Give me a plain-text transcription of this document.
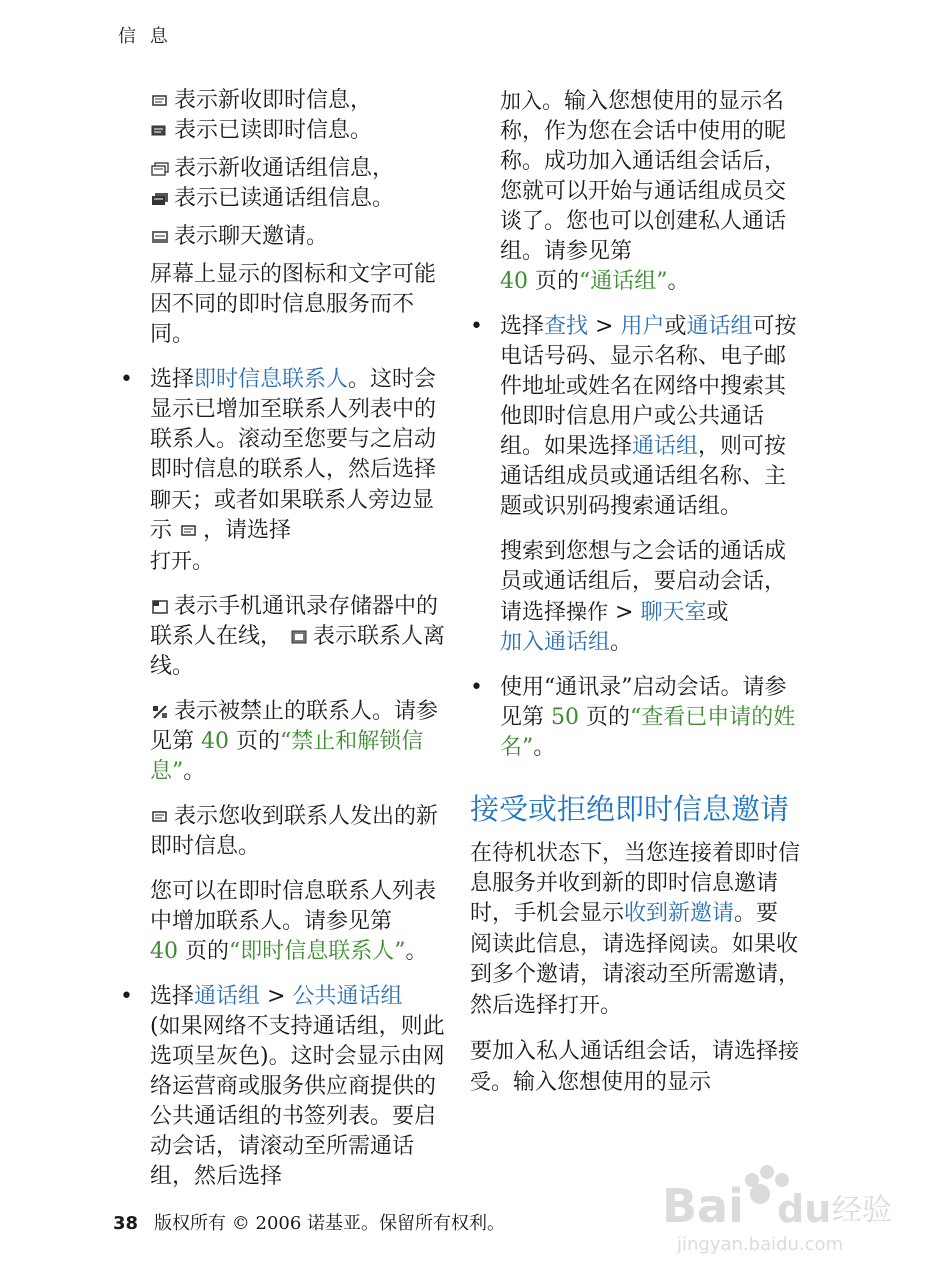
信 息

表示新收即时信息，

表示已读即时信息。

表示新收通话组信息，

表示已读通话组信息。

表示聊天邀请。

屏幕上显示的图标和文字可能因不同的即时信息服务而不同。

• 选择即时信息联系人。这时会显示已增加至联系人列表中的联系人。滚动至您要与之启动即时信息的联系人，然后选择聊天；或者如果联系人旁边显示 ，请选择
打开。

表示手机通讯录存储器中的联系人在线， 表示联系人离线。

表示被禁止的联系人。请参见第 40 页的“禁止和解锁信息”。

表示您收到联系人发出的新即时信息。

您可以在即时信息联系人列表中增加联系人。请参见第
40 页的“即时信息联系人”。

• 选择通话组 > 公共通话组
(如果网络不支持通话组，则此选项呈灰色)。这时会显示由网络运营商或服务供应商提供的公共通话组的书签列表。要启动会话，请滚动至所需通话组，然后选择

加入。输入您想使用的显示名称，作为您在会话中使用的昵称。成功加入通话组会话后，您就可以开始与通话组成员交谈了。您也可以创建私人通话组。请参见第
40 页的“通话组”。

• 选择查找 > 用户或通话组可按电话号码、显示名称、电子邮件地址或姓名在网络中搜索其他即时信息用户或公共通话组。如果选择通话组，则可按通话组成员或通话组名称、主题或识别码搜索通话组。

搜索到您想与之会话的通话成员或通话组后，要启动会话，请选择操作 > 聊天室或
加入通话组。

• 使用“通讯录”启动会话。请参见第 50 页的“查看已申请的姓名”。

接受或拒绝即时信息邀请

在待机状态下，当您连接着即时信息服务并收到新的即时信息邀请时，手机会显示收到新邀请。要阅读此信息，请选择阅读。如果收到多个邀请，请滚动至所需邀请，然后选择打开。

要加入私人通话组会话，请选择接受。输入您想使用的显示

38 版权所有 © 2006 诺基亚。保留所有权利。	Bai du 经验
jingyan.baidu.com
